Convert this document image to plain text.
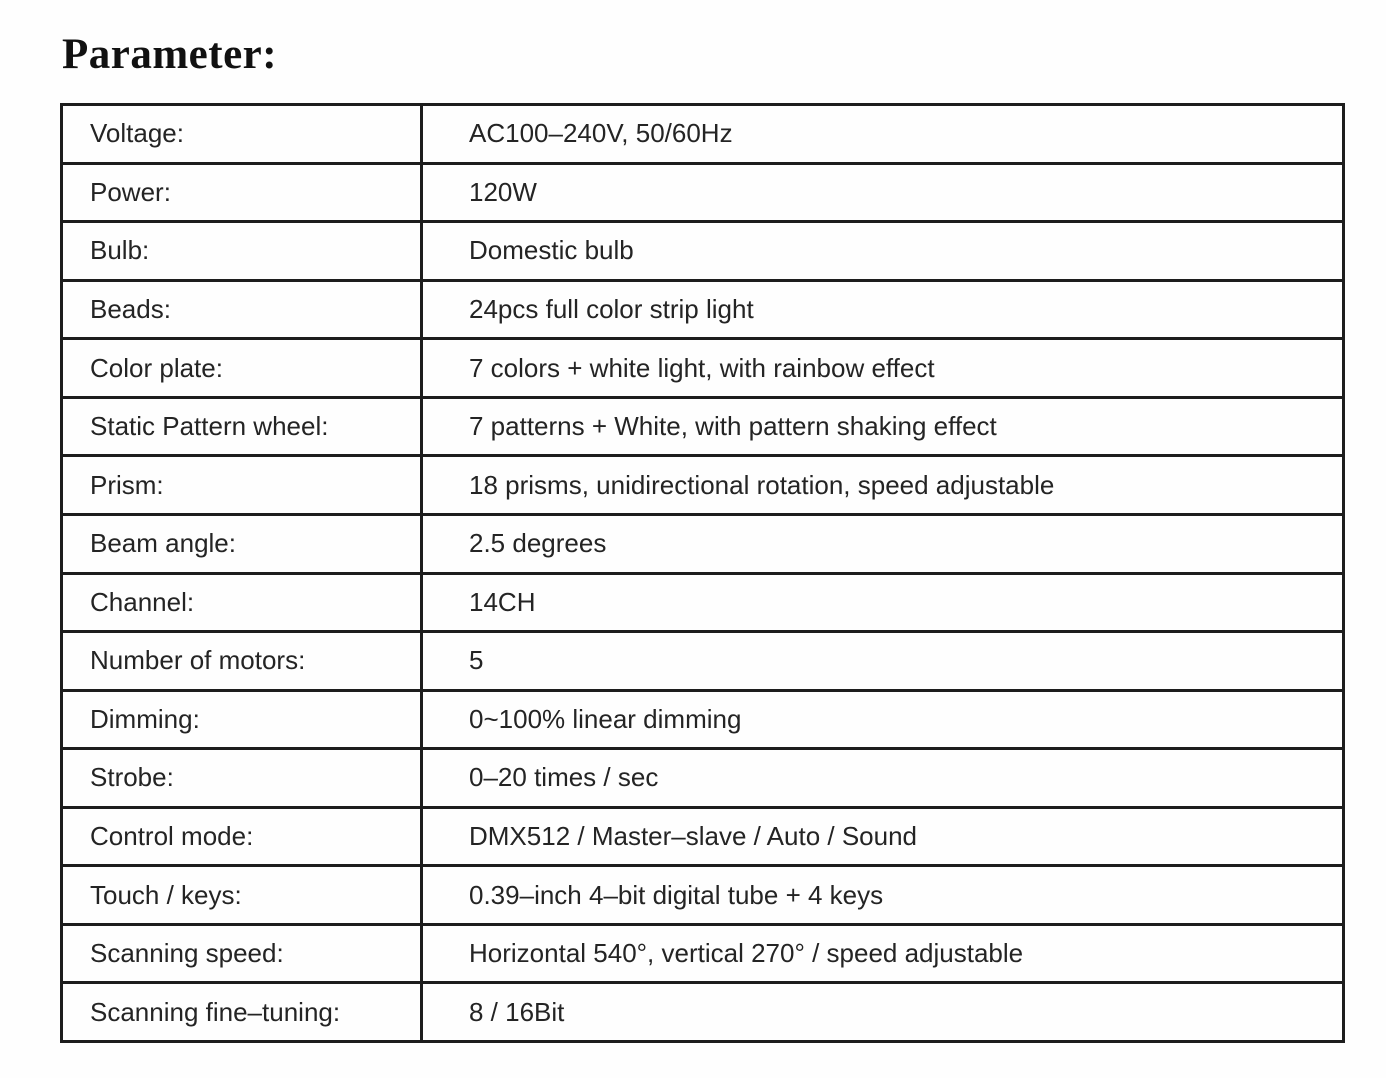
Parameter:
Voltage:	AC100–240V, 50/60Hz
Power:	120W
Bulb:	Domestic bulb
Beads:	24pcs full color strip light
Color plate:	7 colors + white light, with rainbow effect
Static Pattern wheel:	7 patterns + White, with pattern shaking effect
Prism:	18 prisms, unidirectional rotation, speed adjustable
Beam angle:	2.5 degrees
Channel:	14CH
Number of motors:	5
Dimming:	0~100% linear dimming
Strobe:	0–20 times / sec
Control mode:	DMX512 / Master–slave / Auto / Sound
Touch / keys:	0.39–inch 4–bit digital tube + 4 keys
Scanning speed:	Horizontal 540°, vertical 270° / speed adjustable
Scanning fine–tuning:	8 / 16Bit
